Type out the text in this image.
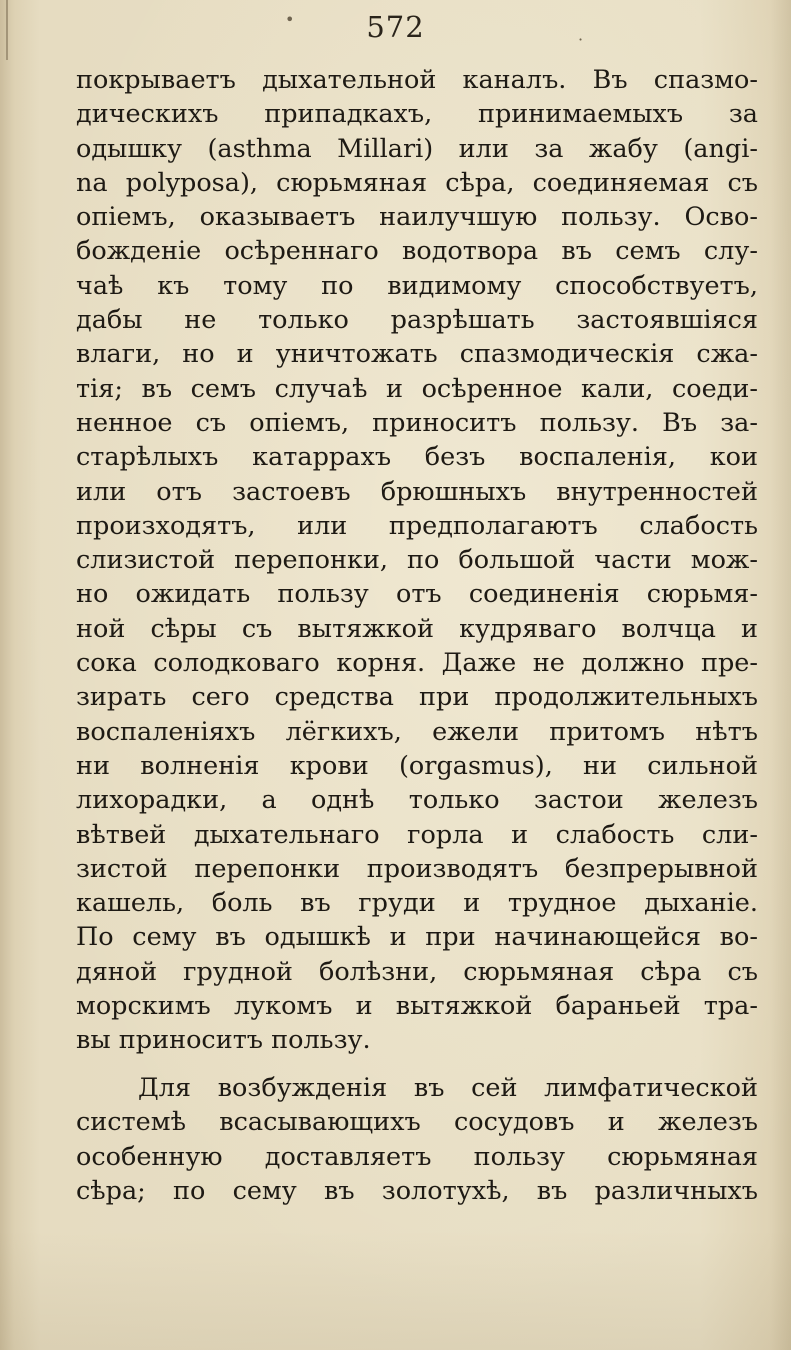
•
·
572
покрываетъ дыхательной каналъ. Въ спазмо-
дическихъ припадкахъ, принимаемыхъ за
одышку (asthma Millari) или за жабу (angi-
na polyposa), сюрьмяная сѣра, соединяемая съ
опiемъ, оказываетъ наилучшую пользу. Осво-
божденiе осѣреннаго водотвора въ семъ слу-
чаѣ къ тому по видимому способствуетъ,
дабы не только разрѣшать застоявшiяся
влаги, но и уничтожать спазмодическiя сжа-
тiя; въ семъ случаѣ и осѣренное кали, соеди-
ненное съ опiемъ, приноситъ пользу. Въ за-
старѣлыхъ катаррахъ безъ воспаленiя, кои
или отъ застоевъ брюшныхъ внутренностей
произходятъ, или предполагаютъ слабость
слизистой перепонки, по большой части мож-
но ожидать пользу отъ соединенiя сюрьмя-
ной сѣры съ вытяжкой кудряваго волчца и
сока солодковаго корня. Даже не должно пре-
зирать сего средства при продолжительныхъ
воспаленiяхъ лёгкихъ, ежели притомъ нѣтъ
ни волненiя крови (orgasmus), ни сильной
лихорадки, а однѣ только застои железъ
вѣтвей дыхательнаго горла и слабость сли-
зистой перепонки производятъ безпрерывной
кашель, боль въ груди и трудное дыханiе.
По сему въ одышкѣ и при начинающейся во-
дяной грудной болѣзни, сюрьмяная сѣра съ
морскимъ лукомъ и вытяжкой бараньей тра-
вы приноситъ пользу.
Для возбужденiя въ сей лимфатической
системѣ всасывающихъ сосудовъ и железъ
особенную доставляетъ пользу сюрьмяная
сѣра; по сему въ золотухѣ, въ различныхъ
